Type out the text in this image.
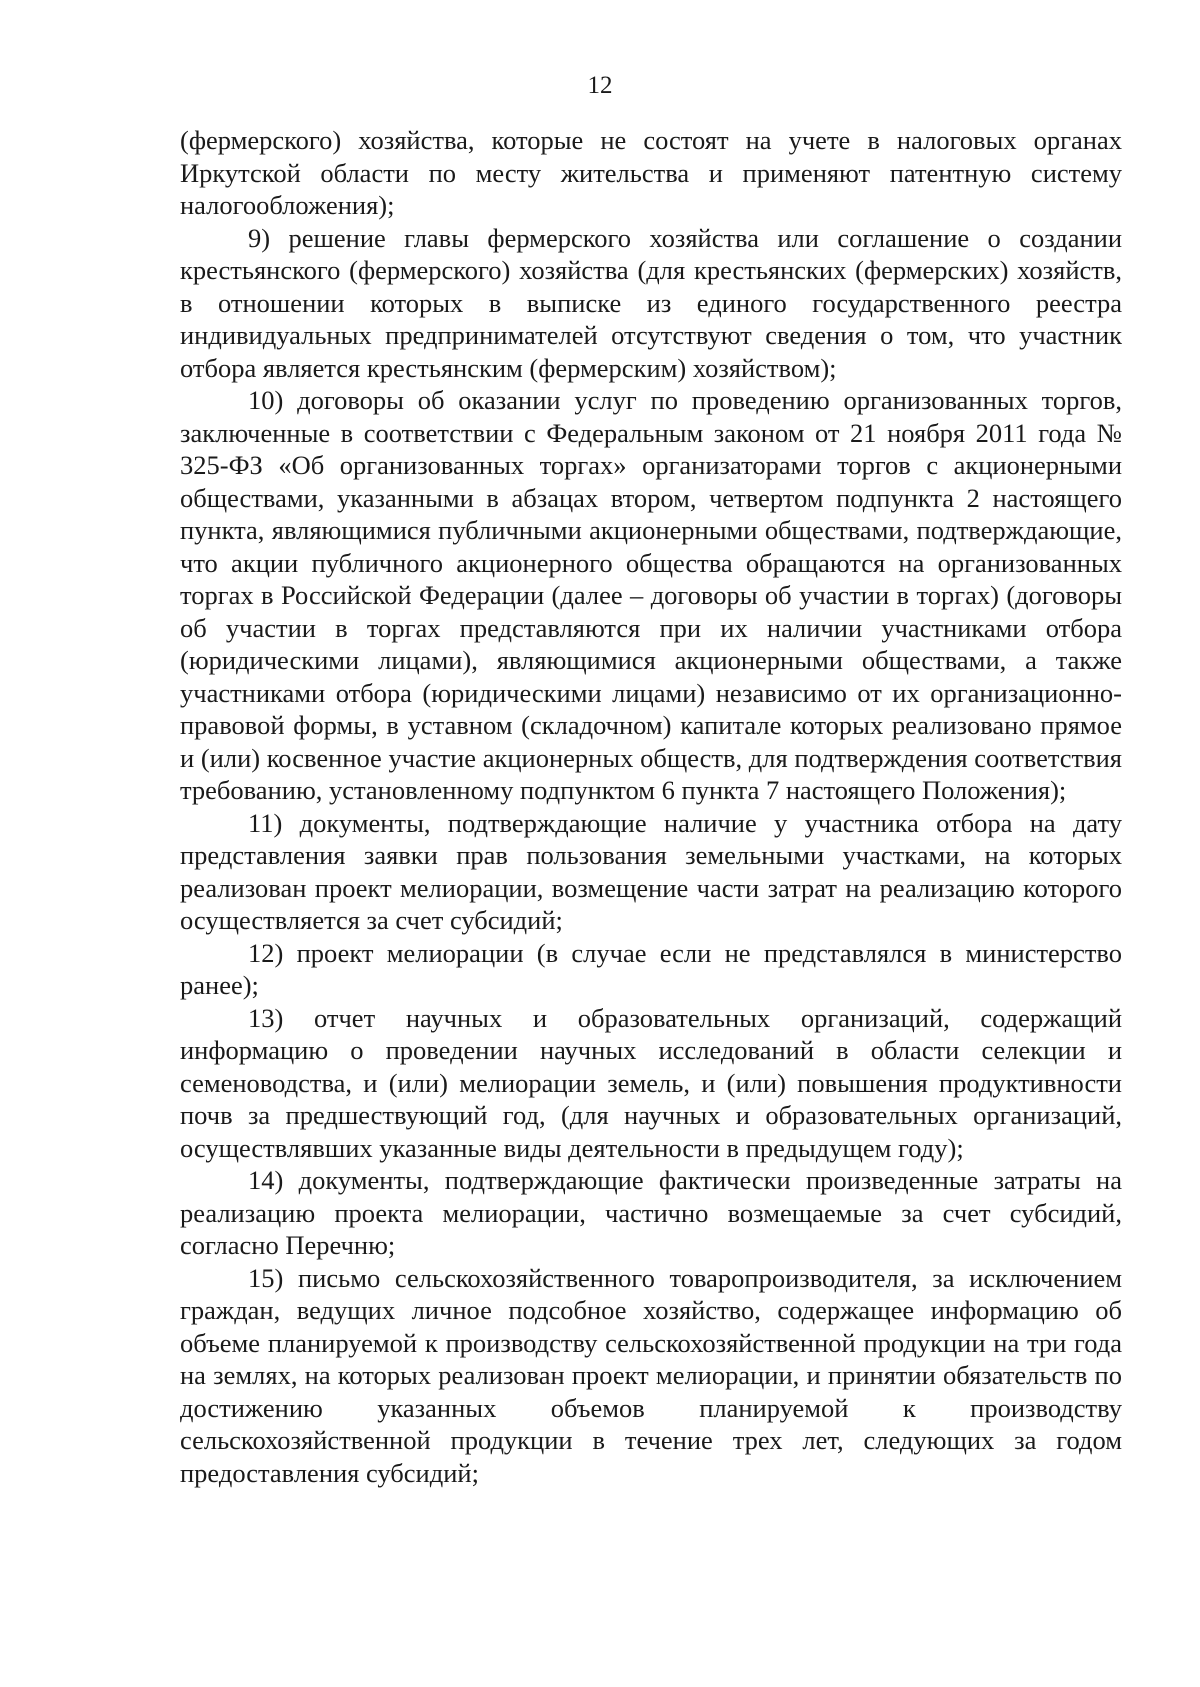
12

(фермерского) хозяйства, которые не состоят на учете в налоговых органах Иркутской области по месту жительства и применяют патентную систему налогообложения);

9) решение главы фермерского хозяйства или соглашение о создании крестьянского (фермерского) хозяйства (для крестьянских (фермерских) хозяйств, в отношении которых в выписке из единого государственного реестра индивидуальных предпринимателей отсутствуют сведения о том, что участник отбора является крестьянским (фермерским) хозяйством);

10) договоры об оказании услуг по проведению организованных торгов, заключенные в соответствии с Федеральным законом от 21 ноября 2011 года № 325-ФЗ «Об организованных торгах» организаторами торгов с акционерными обществами, указанными в абзацах втором, четвертом подпункта 2 настоящего пункта, являющимися публичными акционерными обществами, подтверждающие, что акции публичного акционерного общества обращаются на организованных торгах в Российской Федерации (далее – договоры об участии в торгах) (договоры об участии в торгах представляются при их наличии участниками отбора (юридическими лицами), являющимися акционерными обществами, а также участниками отбора (юридическими лицами) независимо от их организационно-правовой формы, в уставном (складочном) капитале которых реализовано прямое и (или) косвенное участие акционерных обществ, для подтверждения соответствия требованию, установленному подпунктом 6 пункта 7 настоящего Положения);

11) документы, подтверждающие наличие у участника отбора на дату представления заявки прав пользования земельными участками, на которых реализован проект мелиорации, возмещение части затрат на реализацию которого осуществляется за счет субсидий;

12) проект мелиорации (в случае если не представлялся в министерство ранее);

13) отчет научных и образовательных организаций, содержащий информацию о проведении научных исследований в области селекции и семеноводства, и (или) мелиорации земель, и (или) повышения продуктивности почв за предшествующий год, (для научных и образовательных организаций, осуществлявших указанные виды деятельности в предыдущем году);

14) документы, подтверждающие фактически произведенные затраты на реализацию проекта мелиорации, частично возмещаемые за счет субсидий, согласно Перечню;

15) письмо сельскохозяйственного товаропроизводителя, за исключением граждан, ведущих личное подсобное хозяйство, содержащее информацию об объеме планируемой к производству сельскохозяйственной продукции на три года на землях, на которых реализован проект мелиорации, и принятии обязательств по достижению указанных объемов планируемой к производству сельскохозяйственной продукции в течение трех лет, следующих за годом предоставления субсидий;
